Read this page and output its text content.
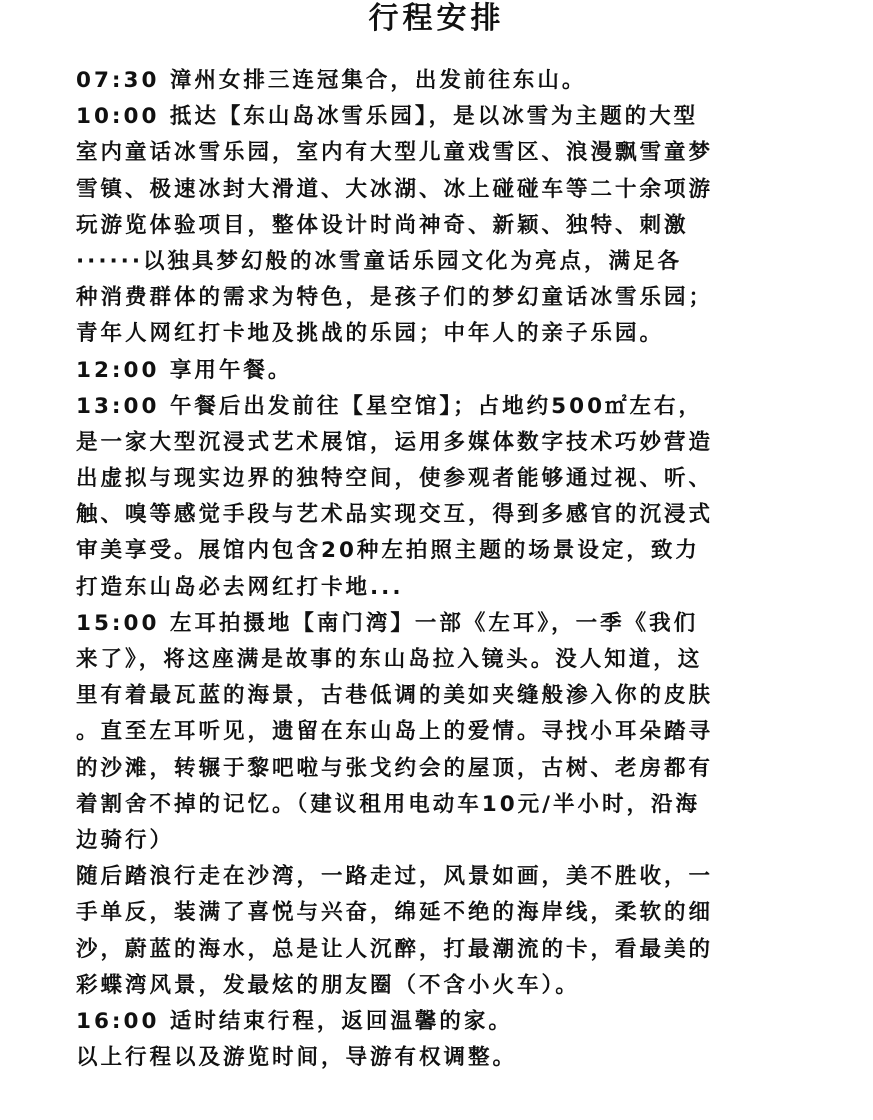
行程安排
07:30 漳州女排三连冠集合，出发前往东山。
10:00 抵达【东山岛冰雪乐园】，是以冰雪为主题的大型
室内童话冰雪乐园，室内有大型儿童戏雪区、浪漫飘雪童梦
雪镇、极速冰封大滑道、大冰湖、冰上碰碰车等二十余项游
玩游览体验项目，整体设计时尚神奇、新颖、独特、刺激
······以独具梦幻般的冰雪童话乐园文化为亮点，满足各
种消费群体的需求为特色，是孩子们的梦幻童话冰雪乐园；
青年人网红打卡地及挑战的乐园；中年人的亲子乐园。
12:00 享用午餐。
13:00 午餐后出发前往【星空馆】；占地约500㎡左右，
是一家大型沉浸式艺术展馆，运用多媒体数字技术巧妙营造
出虚拟与现实边界的独特空间，使参观者能够通过视、听、
触、嗅等感觉手段与艺术品实现交互，得到多感官的沉浸式
审美享受。展馆内包含20种左拍照主题的场景设定，致力
打造东山岛必去网红打卡地...
15:00 左耳拍摄地【南门湾】一部《左耳》，一季《我们
来了》，将这座满是故事的东山岛拉入镜头。没人知道，这
里有着最瓦蓝的海景，古巷低调的美如夹缝般渗入你的皮肤
。直至左耳听见，遗留在东山岛上的爱情。寻找小耳朵踏寻
的沙滩，转辗于黎吧啦与张戈约会的屋顶，古树、老房都有
着割舍不掉的记忆。（建议租用电动车10元/半小时，沿海
边骑行）
随后踏浪行走在沙湾，一路走过，风景如画，美不胜收，一
手单反，装满了喜悦与兴奋，绵延不绝的海岸线，柔软的细
沙，蔚蓝的海水，总是让人沉醉，打最潮流的卡，看最美的
彩蝶湾风景，发最炫的朋友圈（不含小火车）。
16:00 适时结束行程，返回温馨的家。
以上行程以及游览时间，导游有权调整。
